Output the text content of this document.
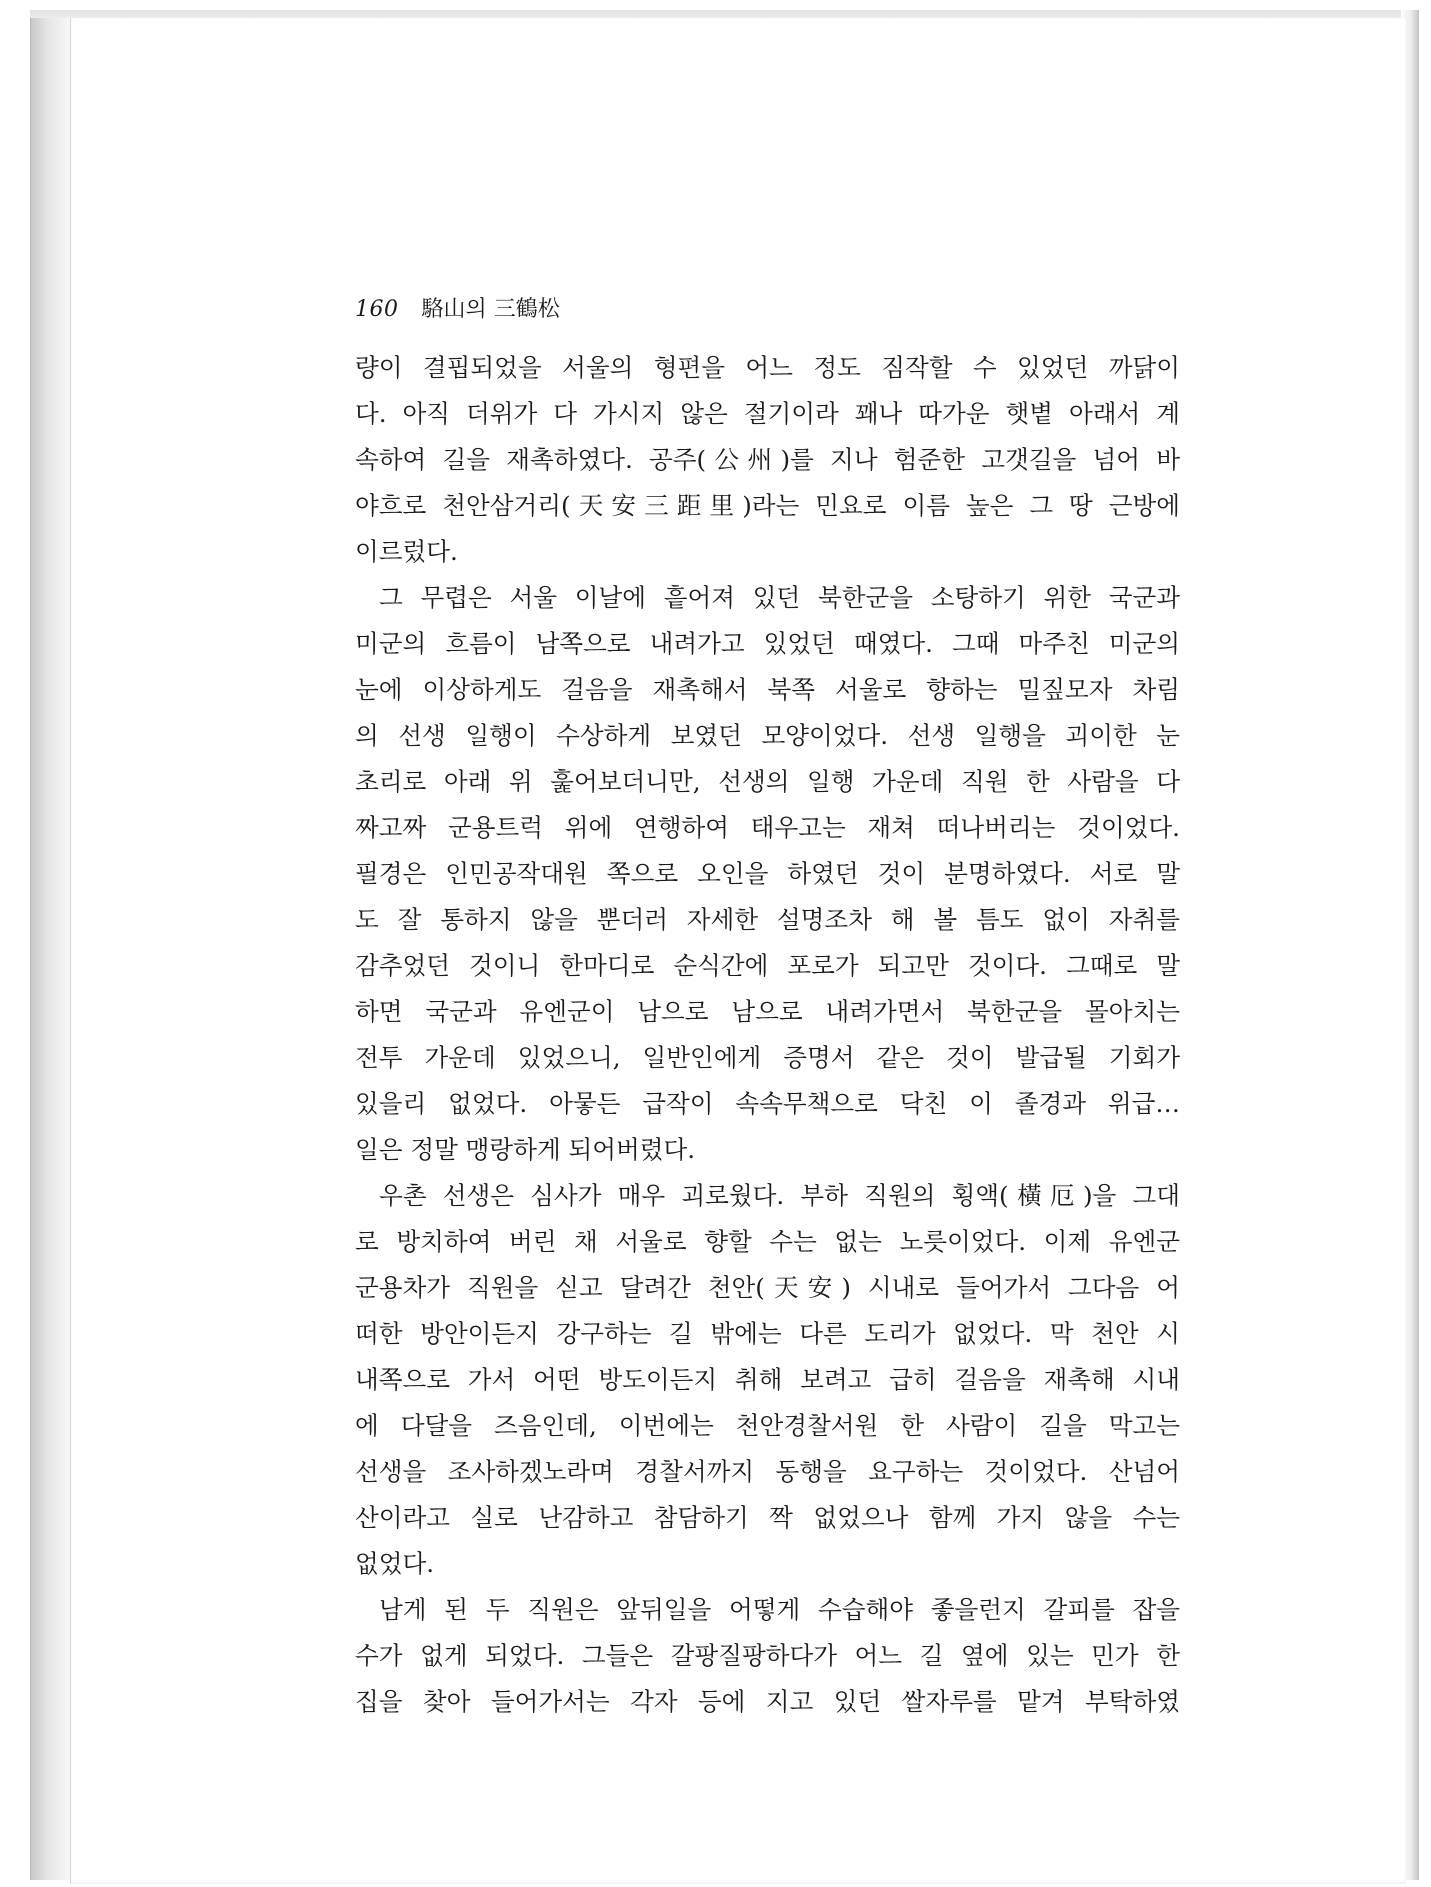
160 駱山의 三鶴松
량이 결핍되었을 서울의 형편을 어느 정도 짐작할 수 있었던 까닭이
다. 아직 더위가 다 가시지 않은 절기이라 꽤나 따가운 햇볕 아래서 계
속하여 길을 재촉하였다. 공주(公州)를 지나 험준한 고갯길을 넘어 바
야흐로 천안삼거리(天安三距里)라는 민요로 이름 높은 그 땅 근방에
이르렀다.
그 무렵은 서울 이날에 흩어져 있던 북한군을 소탕하기 위한 국군과
미군의 흐름이 남쪽으로 내려가고 있었던 때였다. 그때 마주친 미군의
눈에 이상하게도 걸음을 재촉해서 북쪽 서울로 향하는 밀짚모자 차림
의 선생 일행이 수상하게 보였던 모양이었다. 선생 일행을 괴이한 눈
초리로 아래 위 훑어보더니만, 선생의 일행 가운데 직원 한 사람을 다
짜고짜 군용트럭 위에 연행하여 태우고는 재쳐 떠나버리는 것이었다.
필경은 인민공작대원 쪽으로 오인을 하였던 것이 분명하였다. 서로 말
도 잘 통하지 않을 뿐더러 자세한 설명조차 해 볼 틈도 없이 자취를
감추었던 것이니 한마디로 순식간에 포로가 되고만 것이다. 그때로 말
하면 국군과 유엔군이 남으로 남으로 내려가면서 북한군을 몰아치는
전투 가운데 있었으니, 일반인에게 증명서 같은 것이 발급될 기회가
있을리 없었다. 아뭏든 급작이 속속무책으로 닥친 이 졸경과 위급…
일은 정말 맹랑하게 되어버렸다.
우촌 선생은 심사가 매우 괴로웠다. 부하 직원의 횡액(橫厄)을 그대
로 방치하여 버린 채 서울로 향할 수는 없는 노릇이었다. 이제 유엔군
군용차가 직원을 싣고 달려간 천안(天安) 시내로 들어가서 그다음 어
떠한 방안이든지 강구하는 길 밖에는 다른 도리가 없었다. 막 천안 시
내쪽으로 가서 어떤 방도이든지 취해 보려고 급히 걸음을 재촉해 시내
에 다달을 즈음인데, 이번에는 천안경찰서원 한 사람이 길을 막고는
선생을 조사하겠노라며 경찰서까지 동행을 요구하는 것이었다. 산넘어
산이라고 실로 난감하고 참담하기 짝 없었으나 함께 가지 않을 수는
없었다.
남게 된 두 직원은 앞뒤일을 어떻게 수습해야 좋을런지 갈피를 잡을
수가 없게 되었다. 그들은 갈팡질팡하다가 어느 길 옆에 있는 민가 한
집을 찾아 들어가서는 각자 등에 지고 있던 쌀자루를 맡겨 부탁하였
